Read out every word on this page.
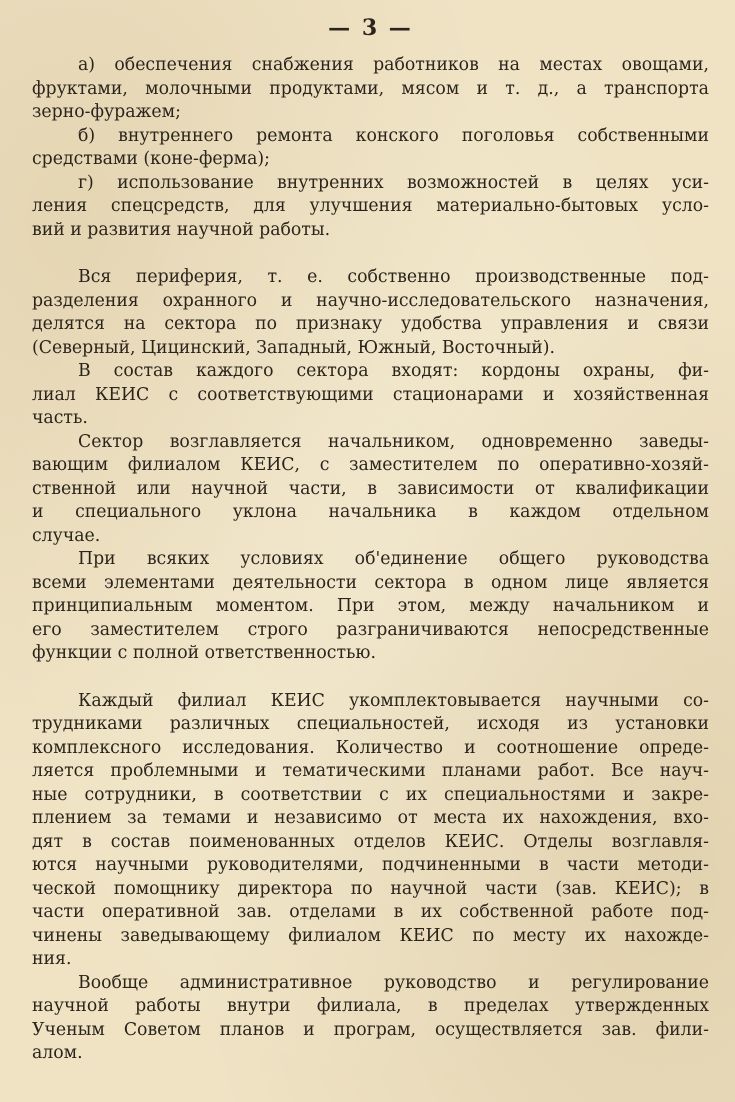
— 3 —

а) обеспечения снабжения работников на местах овощами,
фруктами, молочными продуктами, мясом и т. д., а транспорта
зерно-фуражем;

б) внутреннего ремонта конского поголовья собственными
средствами (коне-ферма);

г) использование внутренних возможностей в целях уси-
ления спецсредств, для улучшения материально-бытовых усло-
вий и развития научной работы.

Вся периферия, т. е. собственно производственные под-
разделения охранного и научно-исследовательского назначения,
делятся на сектора по признаку удобства управления и связи
(Северный, Цицинский, Западный, Южный, Восточный).

В состав каждого сектора входят: кордоны охраны, фи-
лиал КЕИС с соответствующими стационарами и хозяйственная
часть.

Сектор возглавляется начальником, одновременно заведы-
вающим филиалом КЕИС, с заместителем по оперативно-хозяй-
ственной или научной части, в зависимости от квалификации
и специального уклона начальника в каждом отдельном
случае.

При всяких условиях об'единение общего руководства
всеми элементами деятельности сектора в одном лице является
принципиальным моментом. При этом, между начальником и
его заместителем строго разграничиваются непосредственные
функции с полной ответственностью.

Каждый филиал КЕИС укомплектовывается научными со-
трудниками различных специальностей, исходя из установки
комплексного исследования. Количество и соотношение опреде-
ляется проблемными и тематическими планами работ. Все науч-
ные сотрудники, в соответствии с их специальностями и закре-
плением за темами и независимо от места их нахождения, вхо-
дят в состав поименованных отделов КЕИС. Отделы возглавля-
ются научными руководителями, подчиненными в части методи-
ческой помощнику директора по научной части (зав. КЕИС); в
части оперативной зав. отделами в их собственной работе под-
чинены заведывающему филиалом КЕИС по месту их нахожде-
ния.

Вообще административное руководство и регулирование
научной работы внутри филиала, в пределах утвержденных
Ученым Советом планов и програм, осуществляется зав. фили-
алом.
